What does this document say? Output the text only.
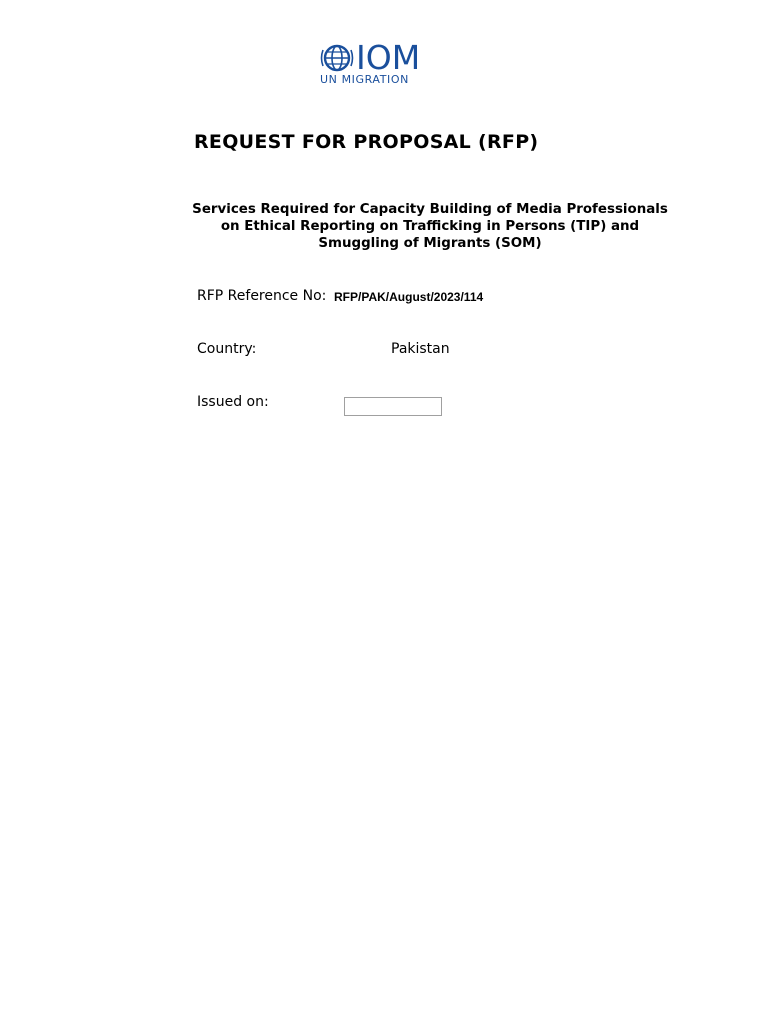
IOM
UN MIGRATION
REQUEST FOR PROPOSAL (RFP)
Services Required for Capacity Building of Media Professionals
on Ethical Reporting on Trafficking in Persons (TIP) and
Smuggling of Migrants (SOM)
RFP Reference No: RFP/PAK/August/2023/114
Country:	Pakistan
Issued on:
